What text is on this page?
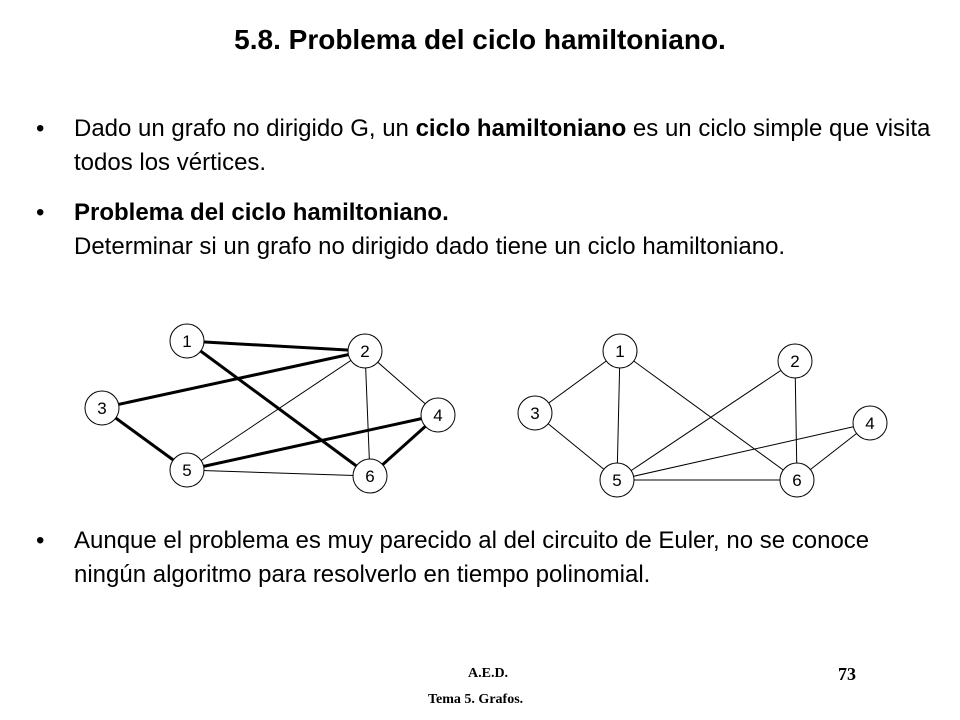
5.8. Problema del ciclo hamiltoniano.
• Dado un grafo no dirigido G, un ciclo hamiltoniano es un ciclo simple que visita todos los vértices.
• Problema del ciclo hamiltoniano.
Determinar si un grafo no dirigido dado tiene un ciclo hamiltoniano.
1
2
3	4
5	6
1
2
3
4
5	6
• Aunque el problema es muy parecido al del circuito de Euler, no se conoce ningún algoritmo para resolverlo en tiempo polinomial.
A.E.D.
Tema 5. Grafos.
73
